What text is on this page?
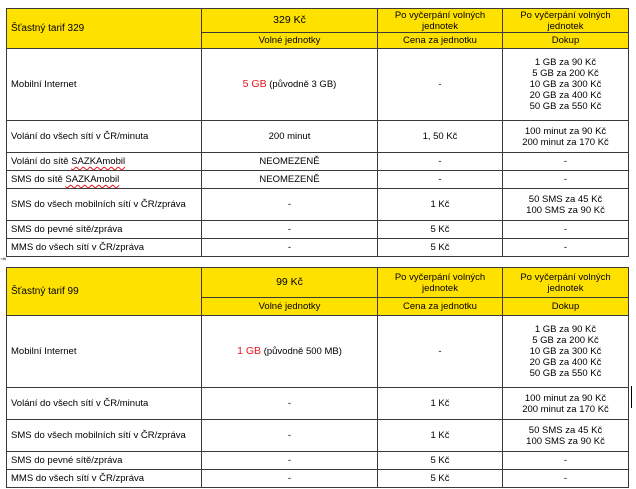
⇥
Šťastný tarif 329	329 Kč	Po vyčerpání volných jednotek	Po vyčerpání volných jednotek
	Volné jednotky	Cena za jednotku	Dokup
Mobilní Internet	5 GB (původně 3 GB)	-	1 GB za 90 Kč
5 GB za 200 Kč
10 GB za 300 Kč
20 GB za 400 Kč
50 GB za 550 Kč

Volání do všech sítí v ČR/minuta	200 minut	1, 50 Kč	100 minut za 90 Kč
200 minut za 170 Kč

Volání do sítě SAZKAmobil	NEOMEZENĚ	-	-
SMS do sítě SAZKAmobil	NEOMEZENĚ	-	-
SMS do všech mobilních sítí v ČR/zpráva	-	1 Kč	50 SMS za 45 Kč
100 SMS za 90 Kč

SMS do pevné sítě/zpráva	-	5 Kč	-
MMS do všech sítí v ČR/zpráva	-	5 Kč	-
Šťastný tarif 99	99 Kč	Po vyčerpání volných jednotek	Po vyčerpání volných jednotek
	Volné jednotky	Cena za jednotku	Dokup
Mobilní Internet	1 GB (původně 500 MB)	-	1 GB za 90 Kč
5 GB za 200 Kč
10 GB za 300 Kč
20 GB za 400 Kč
50 GB za 550 Kč

Volání do všech sítí v ČR/minuta	-	1 Kč	100 minut za 90 Kč
200 minut za 170 Kč

SMS do všech mobilních sítí v ČR/zpráva	-	1 Kč	50 SMS za 45 Kč
100 SMS za 90 Kč

SMS do pevné sítě/zpráva	-	5 Kč	-
MMS do všech sítí v ČR/zpráva	-	5 Kč	-
